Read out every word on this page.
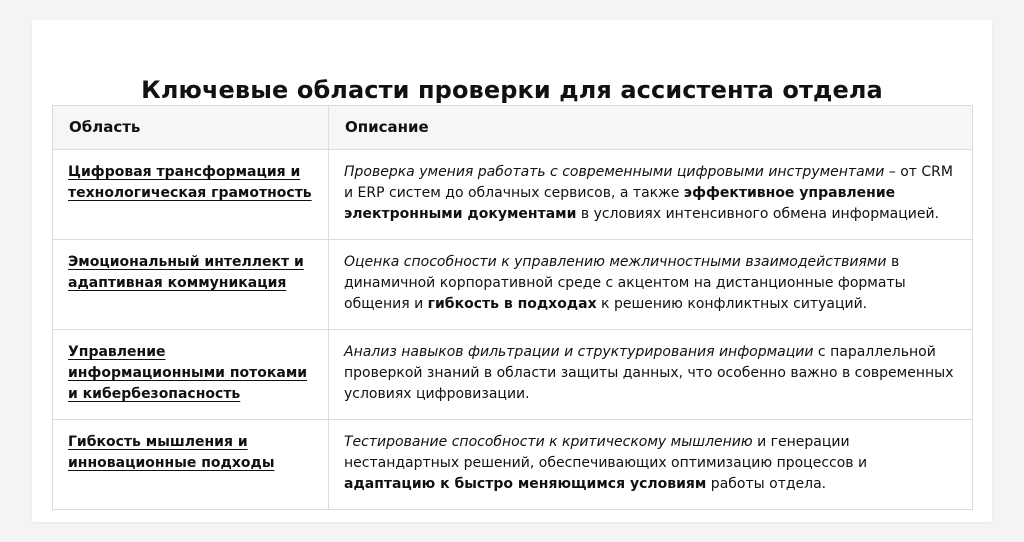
Ключевые области проверки для ассистента отдела
Область	Описание
Цифровая трансформация и технологическая грамотность	Проверка умения работать с современными цифровыми инструментами – от CRM и ERP систем до облачных сервисов, а также эффективное управление электронными документами в условиях интенсивного обмена информацией.
Эмоциональный интеллект и адаптивная коммуникация	Оценка способности к управлению межличностными взаимодействиями в динамичной корпоративной среде с акцентом на дистанционные форматы общения и гибкость в подходах к решению конфликтных ситуаций.
Управление информационными потоками и кибербезопасность	Анализ навыков фильтрации и структурирования информации с параллельной проверкой знаний в области защиты данных, что особенно важно в современных условиях цифровизации.
Гибкость мышления и инновационные подходы	Тестирование способности к критическому мышлению и генерации нестандартных решений, обеспечивающих оптимизацию процессов и адаптацию к быстро меняющимся условиям работы отдела.
